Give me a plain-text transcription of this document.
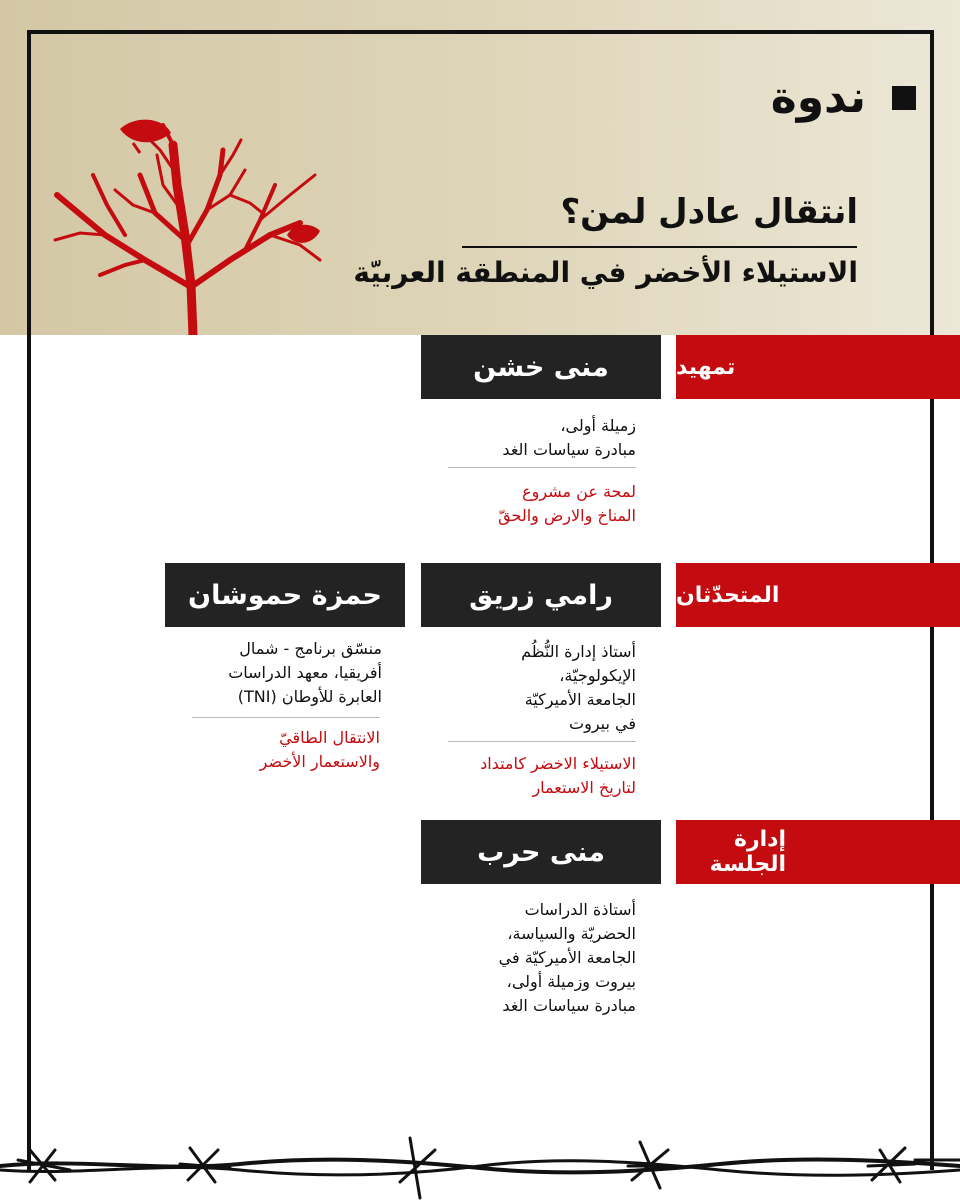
ندوة
انتقال عادل لمن؟
الاستيلاء الأخضر في المنطقة العربيّة
تمهيد
منى خشن
زميلة أولى،
مبادرة سياسات الغد
لمحة عن مشروع
المناخ والارض والحقّ
المتحدّثان
رامي زريق
أستاذ إدارة النُّظُم
الإيكولوجيّة،
الجامعة الأميركيّة
في بيروت
الاستيلاء الاخضر كامتداد
لتاريخ الاستعمار
حمزة حموشان
منسّق برنامج - شمال
أفريقيا، معهد الدراسات
العابرة للأوطان (TNI)
الانتقال الطاقيّ
والاستعمار الأخضر
إدارة الجلسة
منى حرب
أستاذة الدراسات
الحضريّة والسياسة،
الجامعة الأميركيّة في
بيروت وزميلة أولى،
مبادرة سياسات الغد
